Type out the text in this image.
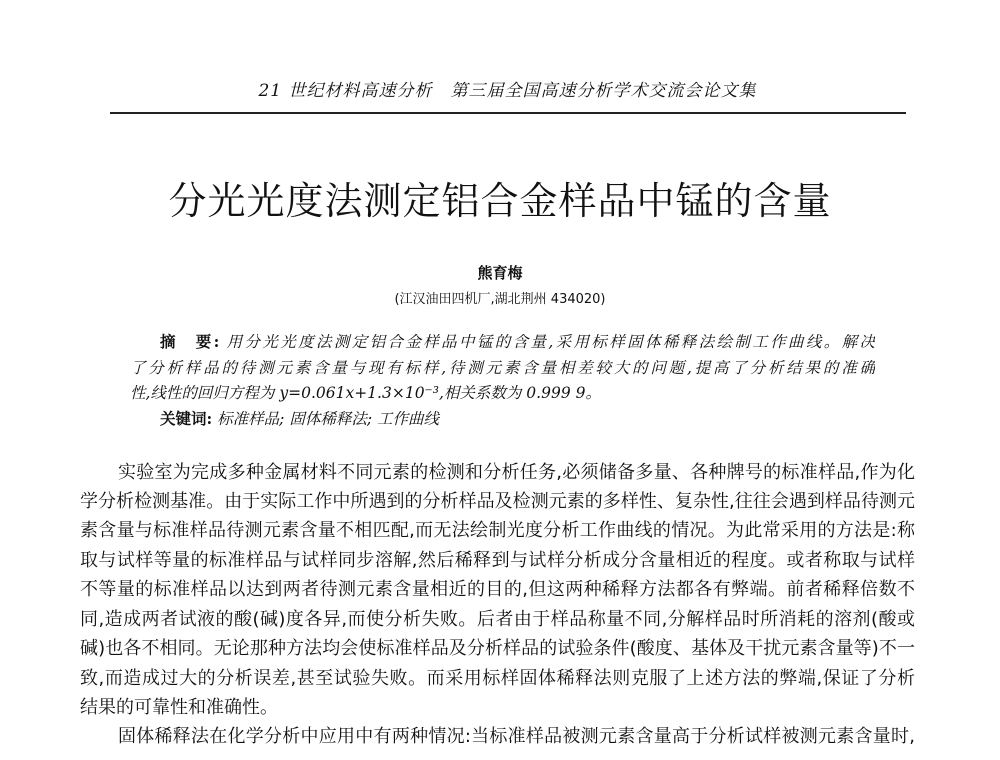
21 世纪材料高速分析　第三届全国高速分析学术交流会论文集
分光光度法测定铝合金样品中锰的含量
熊育梅
(江汉油田四机厂,湖北荆州 434020)
摘　要: 用分光光度法测定铝合金样品中锰的含量,采用标样固体稀释法绘制工作曲线。解决
了分析样品的待测元素含量与现有标样,待测元素含量相差较大的问题,提高了分析结果的准确
性,线性的回归方程为 y=0.061x+1.3×10⁻³,相关系数为 0.999 9。
关键词: 标准样品; 固体稀释法; 工作曲线
实验室为完成多种金属材料不同元素的检测和分析任务,必须储备多量、各种牌号的标准样品,作为化
学分析检测基准。由于实际工作中所遇到的分析样品及检测元素的多样性、复杂性,往往会遇到样品待测元
素含量与标准样品待测元素含量不相匹配,而无法绘制光度分析工作曲线的情况。为此常采用的方法是:称
取与试样等量的标准样品与试样同步溶解,然后稀释到与试样分析成分含量相近的程度。或者称取与试样
不等量的标准样品以达到两者待测元素含量相近的目的,但这两种稀释方法都各有弊端。前者稀释倍数不
同,造成两者试液的酸(碱)度各异,而使分析失败。后者由于样品称量不同,分解样品时所消耗的溶剂(酸或
碱)也各不相同。无论那种方法均会使标准样品及分析样品的试验条件(酸度、基体及干扰元素含量等)不一
致,而造成过大的分析误差,甚至试验失败。而采用标样固体稀释法则克服了上述方法的弊端,保证了分析
结果的可靠性和准确性。
固体稀释法在化学分析中应用中有两种情况:当标准样品被测元素含量高于分析试样被测元素含量时,
